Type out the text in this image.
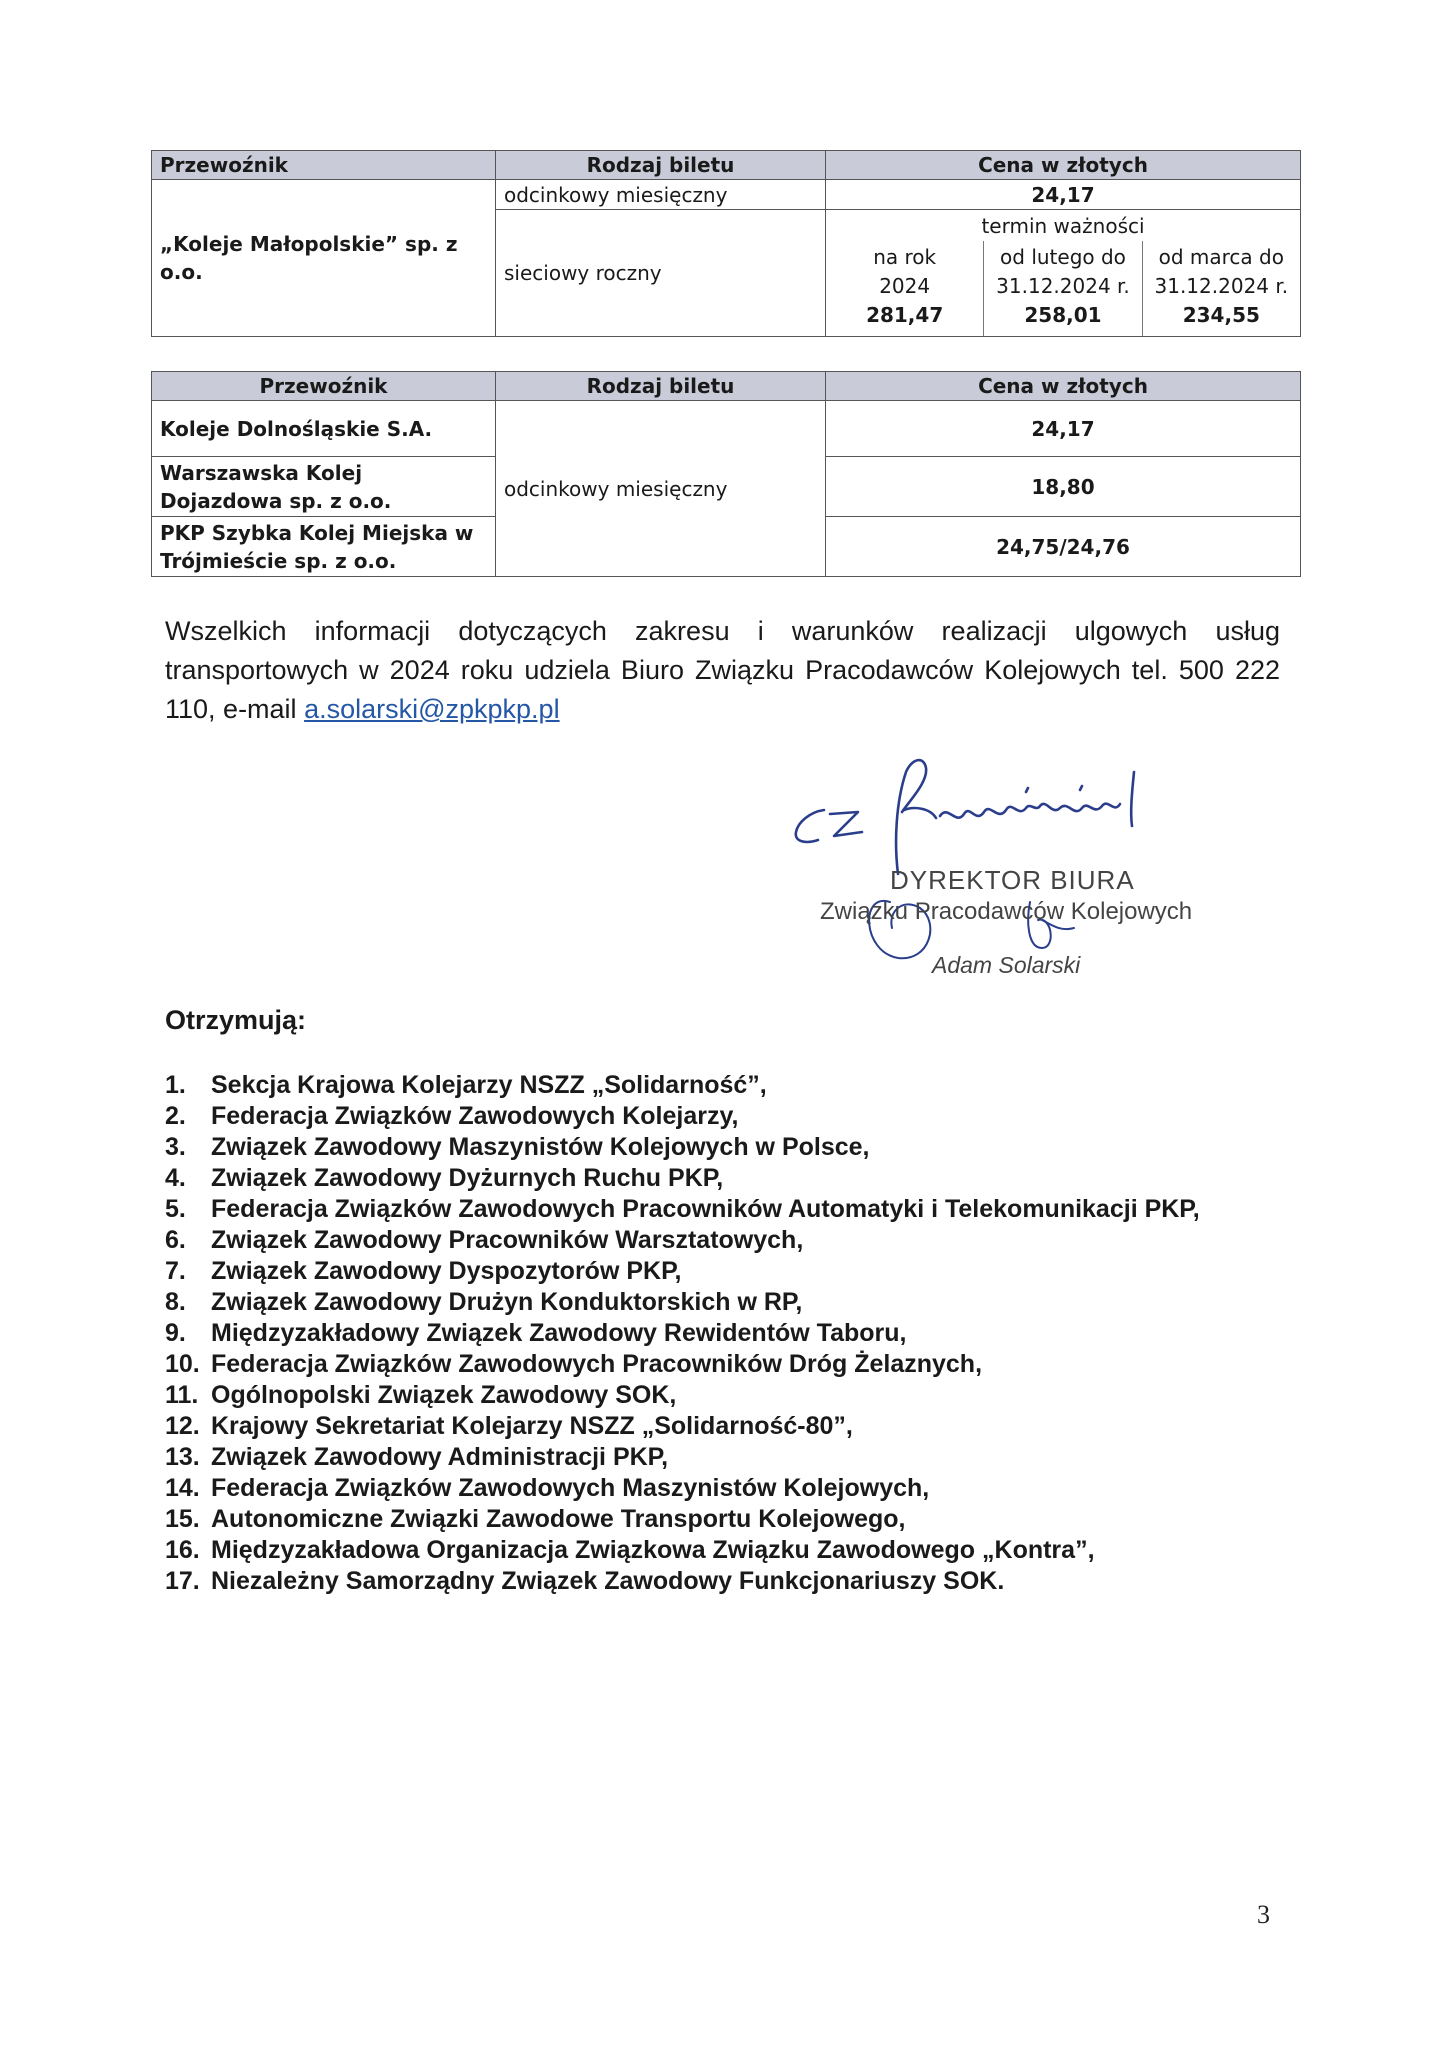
Przewoźnik	Rodzaj biletu	Cena w złotych
„Koleje Małopolskie” sp. z o.o.	odcinkowy miesięczny	24,17
sieciowy roczny	
termin ważności
na rok 2024
281,47
od lutego do 31.12.2024 r.
258,01
od marca do 31.12.2024 r.
234,55
Przewoźnik	Rodzaj biletu	Cena w złotych
Koleje Dolnośląskie S.A.	odcinkowy miesięczny	24,17
Warszawska Kolej Dojazdowa sp. z o.o.	18,80
PKP Szybka Kolej Miejska w Trójmieście sp. z o.o.	24,75/24,76

Wszelkich informacji dotyczących zakresu i warunków realizacji ulgowych usług transportowych w 2024 roku udziela Biuro Związku Pracodawców Kolejowych tel. 500 222 110, e-mail a.solarski@zpkpkp.pl

DYREKTOR BIURA
Związku Pracodawców Kolejowych
Adam Solarski
Otrzymują:
1.	Sekcja Krajowa Kolejarzy NSZZ „Solidarność”,
2.	Federacja Związków Zawodowych Kolejarzy,
3.	Związek Zawodowy Maszynistów Kolejowych w Polsce,
4.	Związek Zawodowy Dyżurnych Ruchu PKP,
5.	Federacja Związków Zawodowych Pracowników Automatyki i Telekomunikacji PKP,
6.	Związek Zawodowy Pracowników Warsztatowych,
7.	Związek Zawodowy Dyspozytorów PKP,
8.	Związek Zawodowy Drużyn Konduktorskich w RP,
9.	Międzyzakładowy Związek Zawodowy Rewidentów Taboru,
10. Federacja Związków Zawodowych Pracowników Dróg Żelaznych,
11. Ogólnopolski Związek Zawodowy SOK,
12. Krajowy Sekretariat Kolejarzy NSZZ „Solidarność-80”,
13. Związek Zawodowy Administracji PKP,
14. Federacja Związków Zawodowych Maszynistów Kolejowych,
15. Autonomiczne Związki Zawodowe Transportu Kolejowego,
16. Międzyzakładowa Organizacja Związkowa Związku Zawodowego „Kontra”,
17. Niezależny Samorządny Związek Zawodowy Funkcjonariuszy SOK.
3
